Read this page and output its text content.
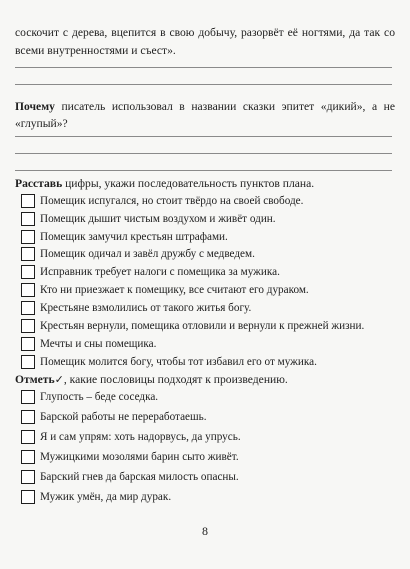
соскочит с дерева, вцепится в свою добычу, разорвёт её ногтями, да так со всеми внутренностями и съест».
Почему писатель использовал в названии сказки эпитет «дикий», а не «глупый»?
Расставь цифры, укажи последовательность пунктов плана.
Помещик испугался, но стоит твёрдо на своей свободе.
Помещик дышит чистым воздухом и живёт один.
Помещик замучил крестьян штрафами.
Помещик одичал и завёл дружбу с медведем.
Исправник требует налоги с помещика за мужика.
Кто ни приезжает к помещику, все считают его дураком.
Крестьяне взмолились от такого житья богу.
Крестьян вернули, помещика отловили и вернули к прежней жизни.
Мечты и сны помещика.
Помещик молится богу, чтобы тот избавил его от мужика.
Отметь✓, какие пословицы подходят к произведению.
Глупость – беде соседка.
Барской работы не переработаешь.
Я и сам упрям: хоть надорвусь, да упрусь.
Мужицкими мозолями барин сыто живёт.
Барский гнев да барская милость опасны.
Мужик умён, да мир дурак.
8
